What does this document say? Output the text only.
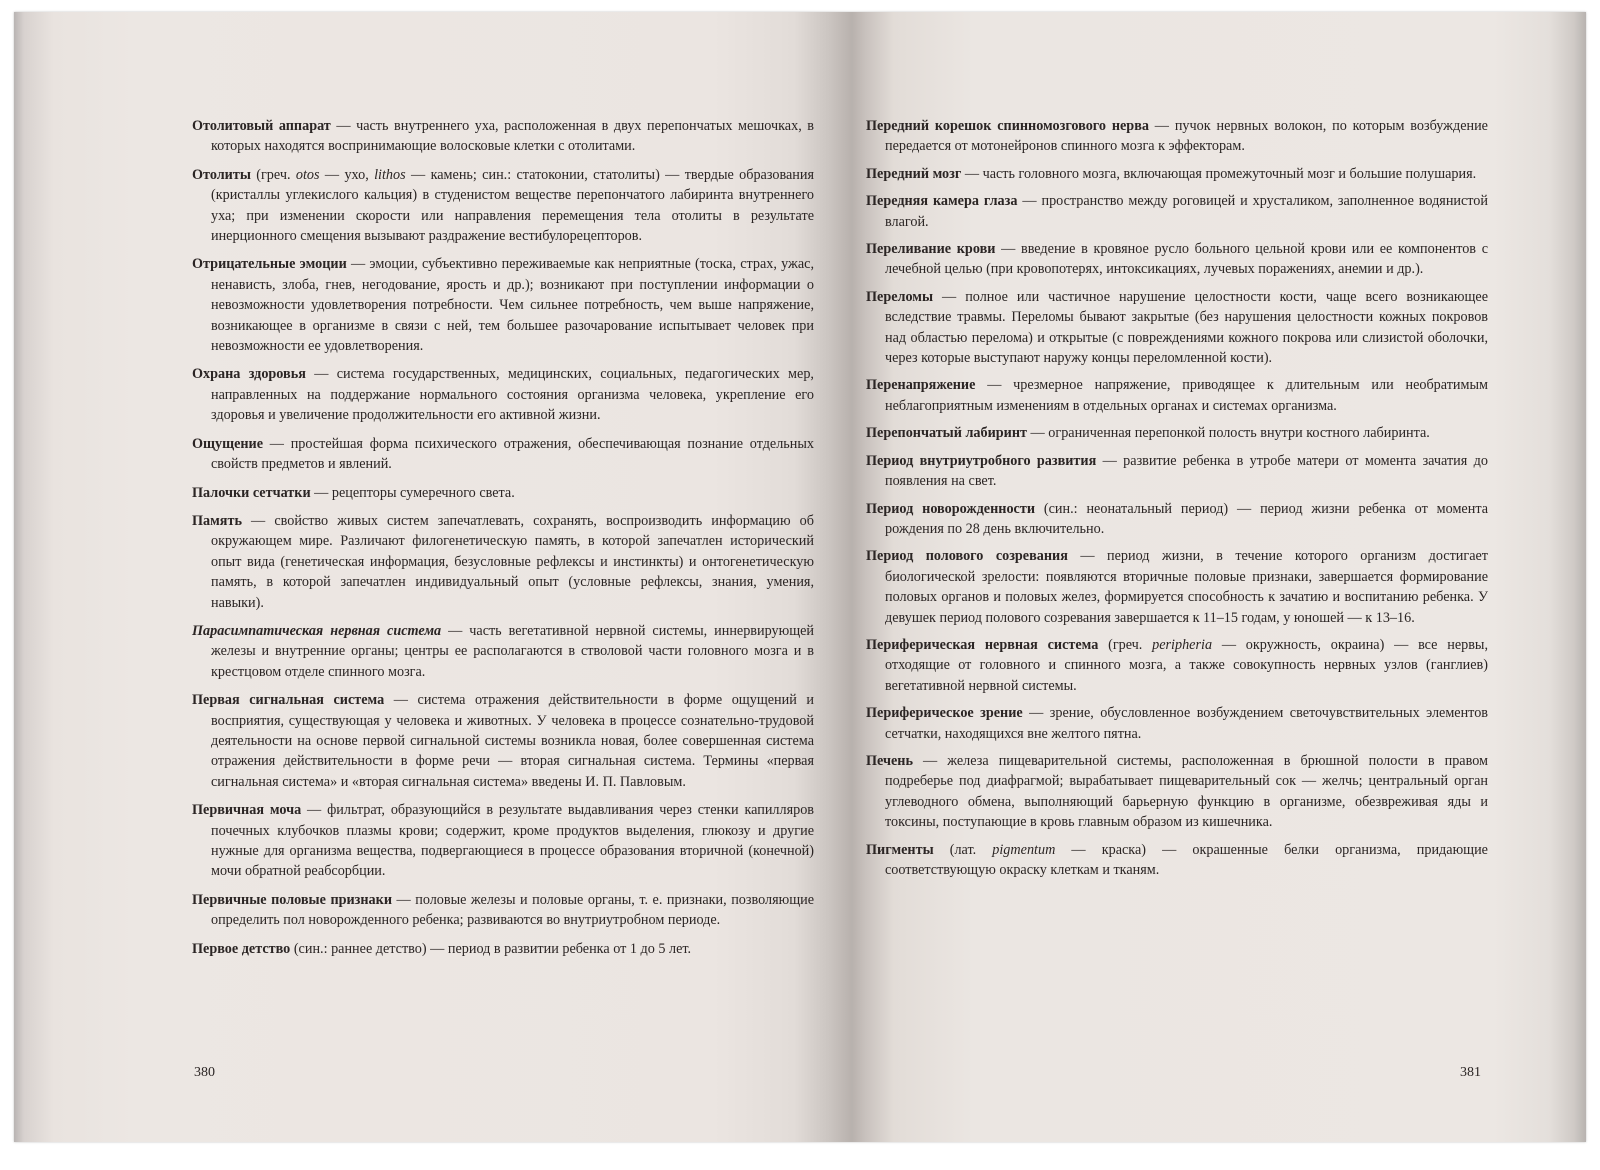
Отолитовый аппарат — часть внутреннего уха, расположенная в двух перепончатых мешочках, в которых находятся воспринимающие волосковые клетки с отолитами.

Отолиты (греч. otos — ухо, lithos — камень; син.: статоконии, статолиты) — твердые образования (кристаллы углекислого кальция) в студенистом веществе перепончатого лабиринта внутреннего уха; при изменении скорости или направления перемещения тела отолиты в результате инерционного смещения вызывают раздражение вестибулорецепторов.

Отрицательные эмоции — эмоции, субъективно переживаемые как неприятные (тоска, страх, ужас, ненависть, злоба, гнев, негодование, ярость и др.); возникают при поступлении информации о невозможности удовлетворения потребности. Чем сильнее потребность, чем выше напряжение, возникающее в организме в связи с ней, тем большее разочарование испытывает человек при невозможности ее удовлетворения.

Охрана здоровья — система государственных, медицинских, социальных, педагогических мер, направленных на поддержание нормального состояния организма человека, укрепление его здоровья и увеличение продолжительности его активной жизни.

Ощущение — простейшая форма психического отражения, обеспечивающая познание отдельных свойств предметов и явлений.

Палочки сетчатки — рецепторы сумеречного света.

Память — свойство живых систем запечатлевать, сохранять, воспроизводить информацию об окружающем мире. Различают филогенетическую память, в которой запечатлен исторический опыт вида (генетическая информация, безусловные рефлексы и инстинкты) и онтогенетическую память, в которой запечатлен индивидуальный опыт (условные рефлексы, знания, умения, навыки).

Парасимпатическая нервная система — часть вегетативной нервной системы, иннервирующей железы и внутренние органы; центры ее располагаются в стволовой части головного мозга и в крестцовом отделе спинного мозга.

Первая сигнальная система — система отражения действительности в форме ощущений и восприятия, существующая у человека и животных. У человека в процессе сознательно-трудовой деятельности на основе первой сигнальной системы возникла новая, более совершенная система отражения действительности в форме речи — вторая сигнальная система. Термины «первая сигнальная система» и «вторая сигнальная система» введены И. П. Павловым.

Первичная моча — фильтрат, образующийся в результате выдавливания через стенки капилляров почечных клубочков плазмы крови; содержит, кроме продуктов выделения, глюкозу и другие нужные для организма вещества, подвергающиеся в процессе образования вторичной (конечной) мочи обратной реабсорбции.

Первичные половые признаки — половые железы и половые органы, т. е. признаки, позволяющие определить пол новорожденного ребенка; развиваются во внутриутробном периоде.

Первое детство (син.: раннее детство) — период в развитии ребенка от 1 до 5 лет.

Передний корешок спинномозгового нерва — пучок нервных волокон, по которым возбуждение передается от мотонейронов спинного мозга к эффекторам.

Передний мозг — часть головного мозга, включающая промежуточный мозг и большие полушария.

Передняя камера глаза — пространство между роговицей и хрусталиком, заполненное водянистой влагой.

Переливание крови — введение в кровяное русло больного цельной крови или ее компонентов с лечебной целью (при кровопотерях, интоксикациях, лучевых поражениях, анемии и др.).

Переломы — полное или частичное нарушение целостности кости, чаще всего возникающее вследствие травмы. Переломы бывают закрытые (без нарушения целостности кожных покровов над областью перелома) и открытые (с повреждениями кожного покрова или слизистой оболочки, через которые выступают наружу концы переломленной кости).

Перенапряжение — чрезмерное напряжение, приводящее к длительным или необратимым неблагоприятным изменениям в отдельных органах и системах организма.

Перепончатый лабиринт — ограниченная перепонкой полость внутри костного лабиринта.

Период внутриутробного развития — развитие ребенка в утробе матери от момента зачатия до появления на свет.

Период новорожденности (син.: неонатальный период) — период жизни ребенка от момента рождения по 28 день включительно.

Период полового созревания — период жизни, в течение которого организм достигает биологической зрелости: появляются вторичные половые признаки, завершается формирование половых органов и половых желез, формируется способность к зачатию и воспитанию ребенка. У девушек период полового созревания завершается к 11–15 годам, у юношей — к 13–16.

Периферическая нервная система (греч. peripheria — окружность, окраина) — все нервы, отходящие от головного и спинного мозга, а также совокупность нервных узлов (ганглиев) вегетативной нервной системы.

Периферическое зрение — зрение, обусловленное возбуждением светочувствительных элементов сетчатки, находящихся вне желтого пятна.

Печень — железа пищеварительной системы, расположенная в брюшной полости в правом подреберье под диафрагмой; вырабатывает пищеварительный сок — желчь; центральный орган углеводного обмена, выполняющий барьерную функцию в организме, обезвреживая яды и токсины, поступающие в кровь главным образом из кишечника.

Пигменты (лат. pigmentum — краска) — окрашенные белки организма, придающие соответствующую окраску клеткам и тканям.

380	381
